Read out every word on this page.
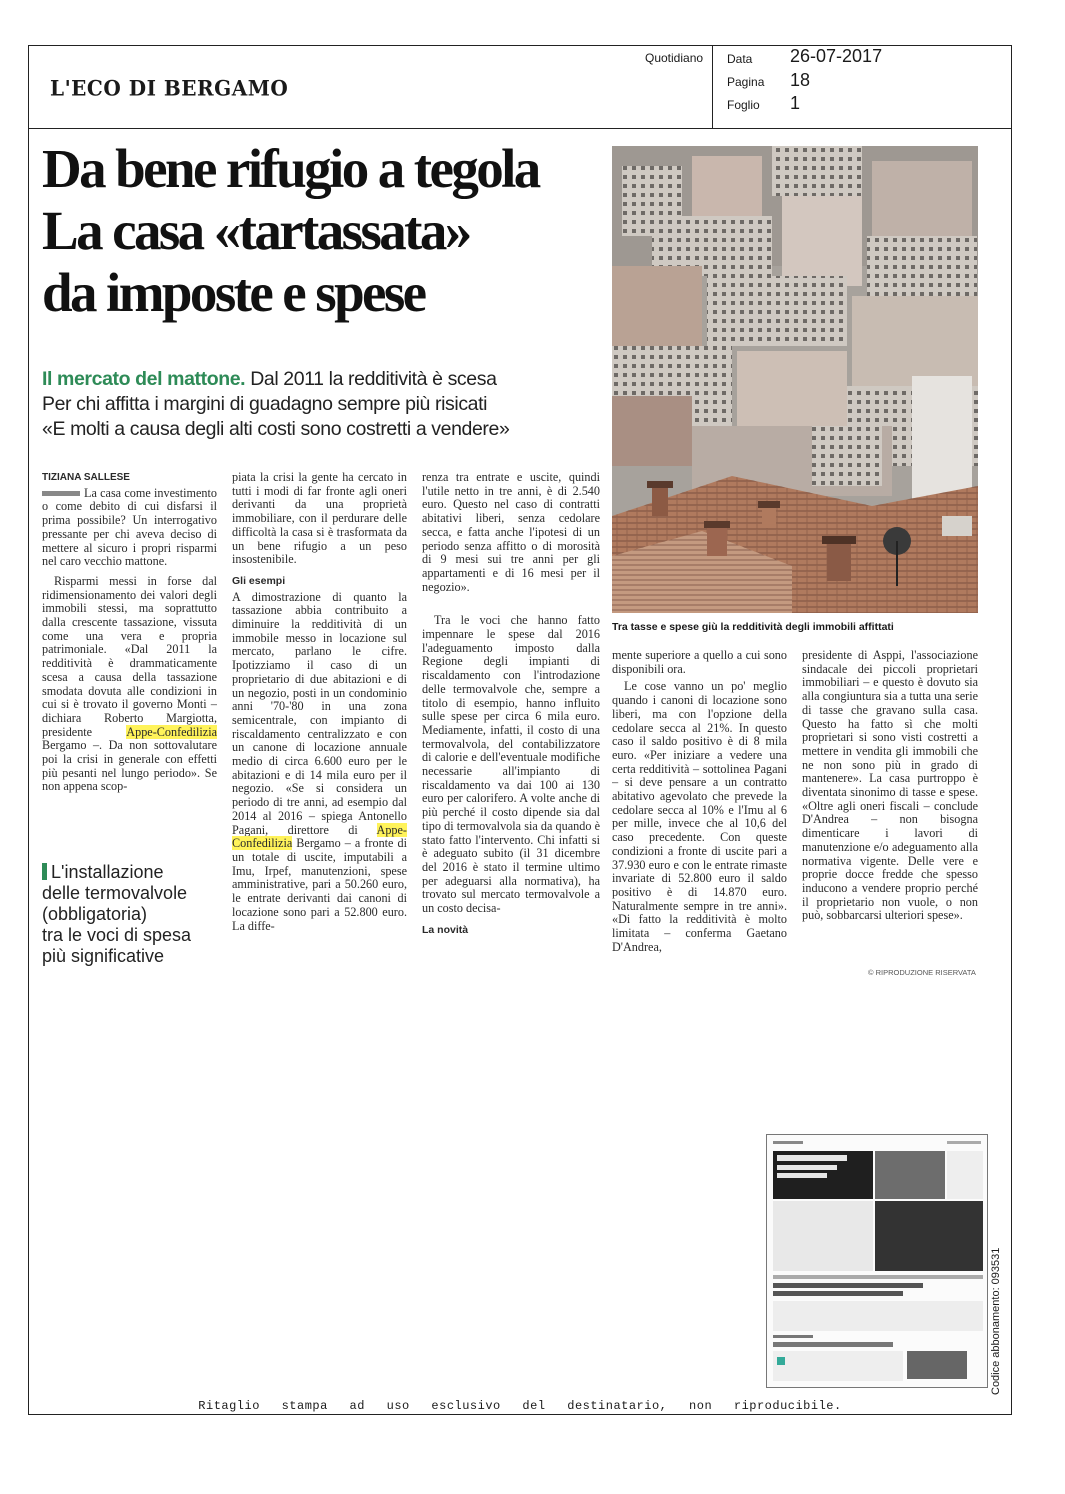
L'ECO DI BERGAMO
Quotidiano Data 26-07-2017
Pagina 18
Foglio 1
Da bene rifugio a tegola
La casa «tartassata»
da imposte e spese
Il mercato del mattone. Dal 2011 la redditività è scesa
Per chi affitta i margini di guadagno sempre più risicati
«E molti a causa degli alti costi sono costretti a vendere»
Tra tasse e spese giù la redditività degli immobili affittati

TIZIANA SALLESE

La casa come investimento o come debito di cui disfarsi il prima possibile? Un interrogativo pressante per chi aveva deciso di mettere al sicuro i propri risparmi nel caro vecchio mattone.

Risparmi messi in forse dal ridimensionamento dei valori degli immobili stessi, ma soprattutto dalla crescente tassazione, vissuta come una vera e propria patrimoniale. «Dal 2011 la redditività è drammaticamente scesa a causa della tassazione smodata dovuta alle condizioni in cui si è trovato il governo Monti – dichiara Roberto Margiotta, presidente Appe-Confedilizia Bergamo –. Da non sottovalutare poi la crisi in generale con effetti più pesanti nel lungo periodo». Se non appena scop-

L'installazione
delle termovalvole
(obbligatoria)
tra le voci di spesa
più significative

piata la crisi la gente ha cercato in tutti i modi di far fronte agli oneri derivanti da una proprietà immobiliare, con il perdurare delle difficoltà la casa si è trasformata da un bene rifugio a un peso insostenibile.

Gli esempi

A dimostrazione di quanto la tassazione abbia contribuito a diminuire la redditività di un immobile messo in locazione sul mercato, parlano le cifre. Ipotizziamo il caso di un proprietario di due abitazioni e di un negozio, posti in un condominio anni '70-'80 in una zona semicentrale, con impianto di riscaldamento centralizzato e con un canone di locazione annuale medio di circa 6.600 euro per le abitazioni e di 14 mila euro per il negozio. «Se si considera un periodo di tre anni, ad esempio dal 2014 al 2016 – spiega Antonello Pagani, direttore di Appe-Confedilizia Bergamo – a fronte di un totale di uscite, imputabili a Imu, Irpef, manutenzioni, spese amministrative, pari a 50.260 euro, le entrate derivanti dai canoni di locazione sono pari a 52.800 euro. La diffe-

renza tra entrate e uscite, quindi l'utile netto in tre anni, è di 2.540 euro. Questo nel caso di contratti abitativi liberi, senza cedolare secca, e fatta anche l'ipotesi di un periodo senza affitto o di morosità di 9 mesi sui tre anni per gli appartamenti e di 16 mesi per il negozio».

Tra le voci che hanno fatto impennare le spese dal 2016 l'adeguamento imposto dalla Regione degli impianti di riscaldamento con l'introdazione delle termovalvole che, sempre a titolo di esempio, hanno influito sulle spese per circa 6 mila euro. Mediamente, infatti, il costo di una termovalvola, del contabilizzatore di calorie e dell'eventuale modifiche necessarie all'impianto di riscaldamento va dai 100 ai 130 euro per calorifero. A volte anche di più perché il costo dipende sia dal tipo di termovalvola sia da quando è stato fatto l'intervento. Chi infatti si è adeguato subito (il 31 dicembre del 2016 è stato il termine ultimo per adeguarsi alla normativa), ha trovato sul mercato termovalvole a un costo decisa-

La novità

mente superiore a quello a cui sono disponibili ora.

Le cose vanno un po' meglio quando i canoni di locazione sono liberi, ma con l'opzione della cedolare secca al 21%. In questo caso il saldo positivo è di 8 mila euro. «Per iniziare a vedere una certa redditività – sottolinea Pagani – si deve pensare a un contratto abitativo agevolato che prevede la cedolare secca al 10% e l'Imu al 6 per mille, invece che al 10,6 del caso precedente. Con queste condizioni a fronte di uscite pari a 37.930 euro e con le entrate rimaste invariate di 52.800 euro il saldo positivo è di 14.870 euro. Naturalmente sempre in tre anni». «Di fatto la redditività è molto limitata – conferma Gaetano D'Andrea,

presidente di Asppi, l'associazione sindacale dei piccoli proprietari immobiliari – e questo è dovuto sia alla congiuntura sia a tutta una serie di tasse che gravano sulla casa. Questo ha fatto sì che molti proprietari si sono visti costretti a mettere in vendita gli immobili che ne non sono più in grado di mantenere». La casa purtroppo è diventata sinonimo di tasse e spese. «Oltre agli oneri fiscali – conclude D'Andrea – non bisogna dimenticare i lavori di manutenzione e/o adeguamento alla normativa vigente. Delle vere e proprie docce fredde che spesso inducono a vendere proprio perché il proprietario non vuole, o non può, sobbarcarsi ulteriori spese».

© RIPRODUZIONE RISERVATA
Ritaglio stampa ad uso esclusivo del destinatario, non riproducibile.
Codice abbonamento: 093531
